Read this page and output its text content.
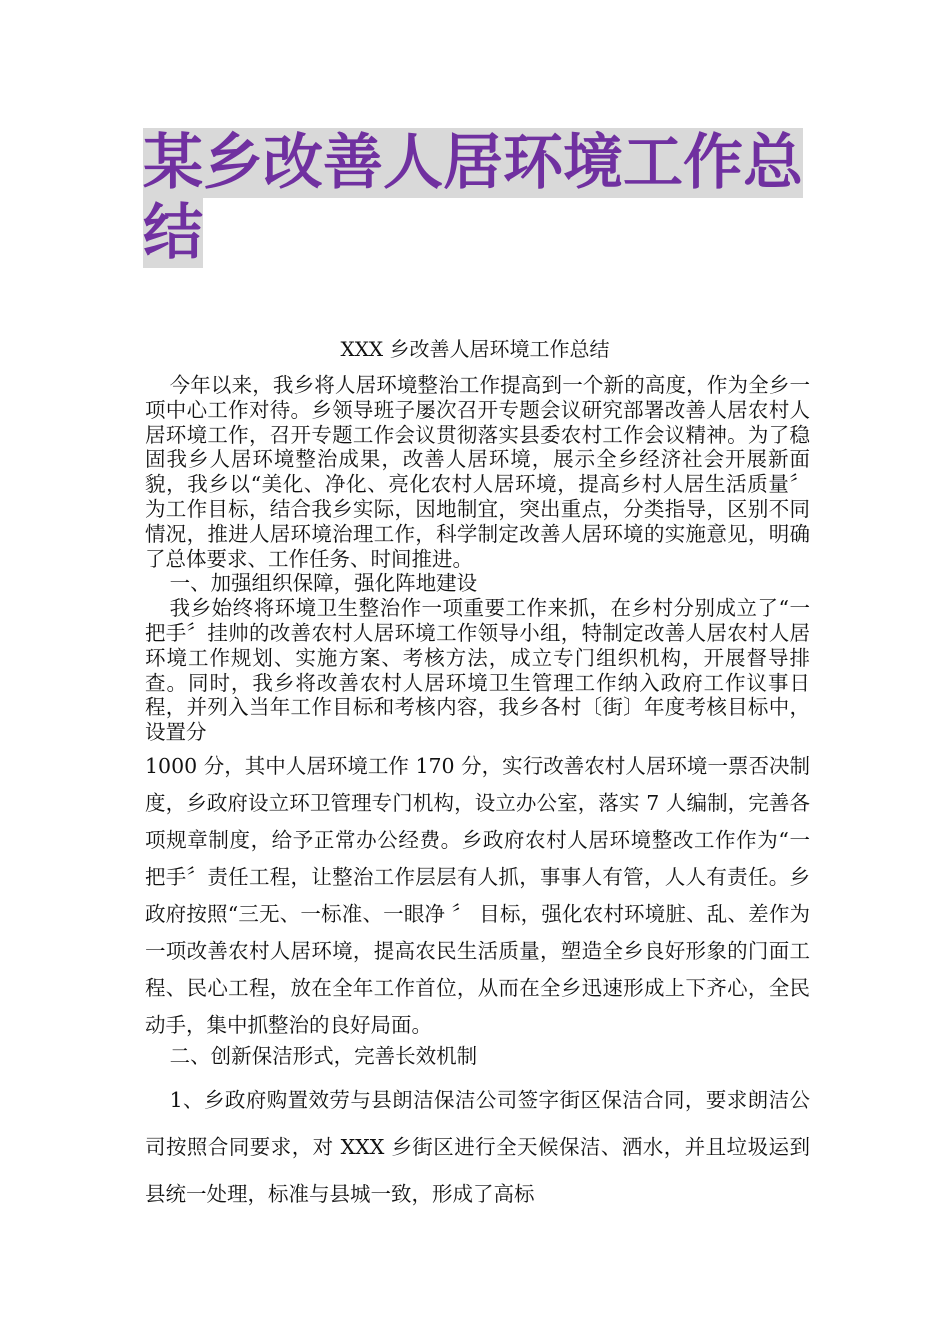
某乡改善人居环境工作总结
XXX 乡改善人居环境工作总结

今年以来，我乡将人居环境整治工作提高到一个新的高度，作为全乡一项中心工作对待。乡领导班子屡次召开专题会议研究部署改善人居农村人居环境工作，召开专题工作会议贯彻落实县委农村工作会议精神。为了稳固我乡人居环境整治成果，改善人居环境，展示全乡经济社会开展新面貌，我乡以“美化、净化、亮化农村人居环境，提高乡村人居生活质量〞为工作目标，结合我乡实际，因地制宜，突出重点，分类指导，区别不同情况，推进人居环境治理工作，科学制定改善人居环境的实施意见，明确了总体要求、工作任务、时间推进。

一、加强组织保障，强化阵地建设

我乡始终将环境卫生整治作一项重要工作来抓，在乡村分别成立了“一把手〞挂帅的改善农村人居环境工作领导小组，特制定改善人居农村人居环境工作规划、实施方案、考核方法，成立专门组织机构，开展督导排查。同时，我乡将改善农村人居环境卫生管理工作纳入政府工作议事日程，并列入当年工作目标和考核内容，我乡各村〔街〕年度考核目标中，设置分

1000 分，其中人居环境工作 170 分，实行改善农村人居环境一票否决制度，乡政府设立环卫管理专门机构，设立办公室，落实 7 人编制，完善各项规章制度，给予正常办公经费。乡政府农村人居环境整改工作作为“一把手〞责任工程，让整治工作层层有人抓，事事人有管，人人有责任。乡政府按照“三无、一标准、一眼净 〞 目标，强化农村环境脏、乱、差作为一项改善农村人居环境，提高农民生活质量，塑造全乡良好形象的门面工程、民心工程，放在全年工作首位，从而在全乡迅速形成上下齐心，全民动手，集中抓整治的良好局面。

二、创新保洁形式，完善长效机制

1、乡政府购置效劳与县朗洁保洁公司签字街区保洁合同，要求朗洁公司按照合同要求，对 XXX 乡街区进行全天候保洁、洒水，并且垃圾运到县统一处理，标准与县城一致，形成了高标
